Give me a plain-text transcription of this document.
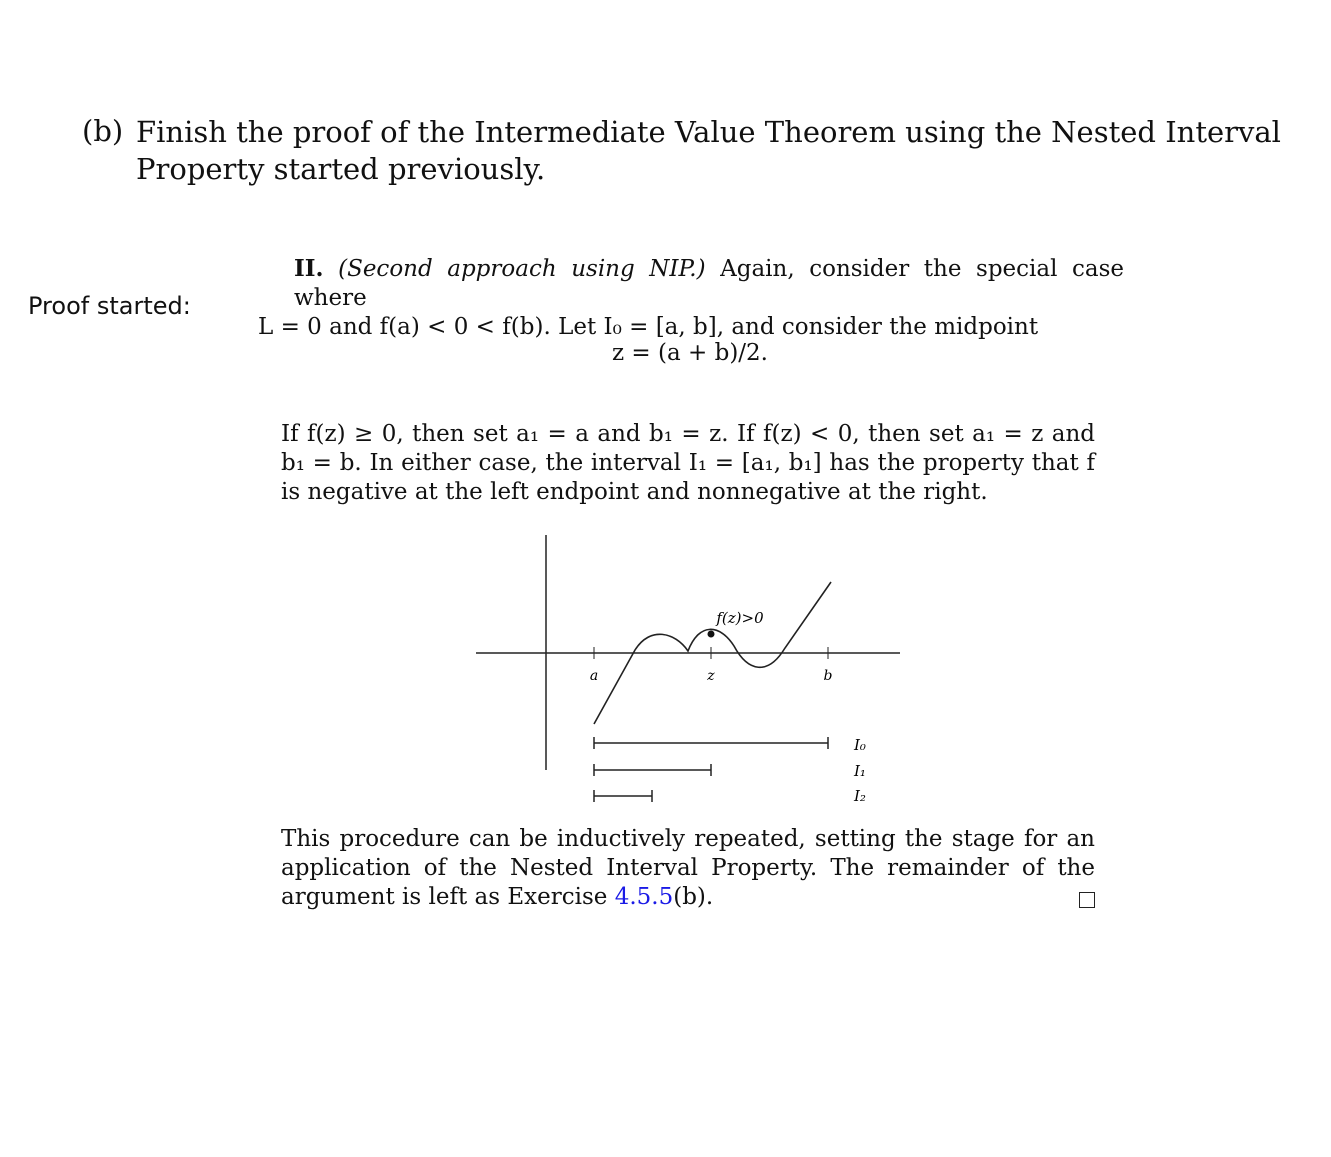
(b) Finish the proof of the Intermediate Value Theorem using the Nested Interval Property started previously.
Proof started:
II. (Second approach using NIP.) Again, consider the special case where
L = 0 and f(a) < 0 < f(b). Let I₀ = [a, b], and consider the midpoint
z = (a + b)/2.
If f(z) ≥ 0, then set a₁ = a and b₁ = z. If f(z) < 0, then set a₁ = z and b₁ = b. In either case, the interval I₁ = [a₁, b₁] has the property that f is negative at the left endpoint and nonnegative at the right.
a	z	b
f(z)>0
I₀
I₁
I₂
This procedure can be inductively repeated, setting the stage for an application of the Nested Interval Property. The remainder of the argument is left as Exercise 4.5.5(b).
